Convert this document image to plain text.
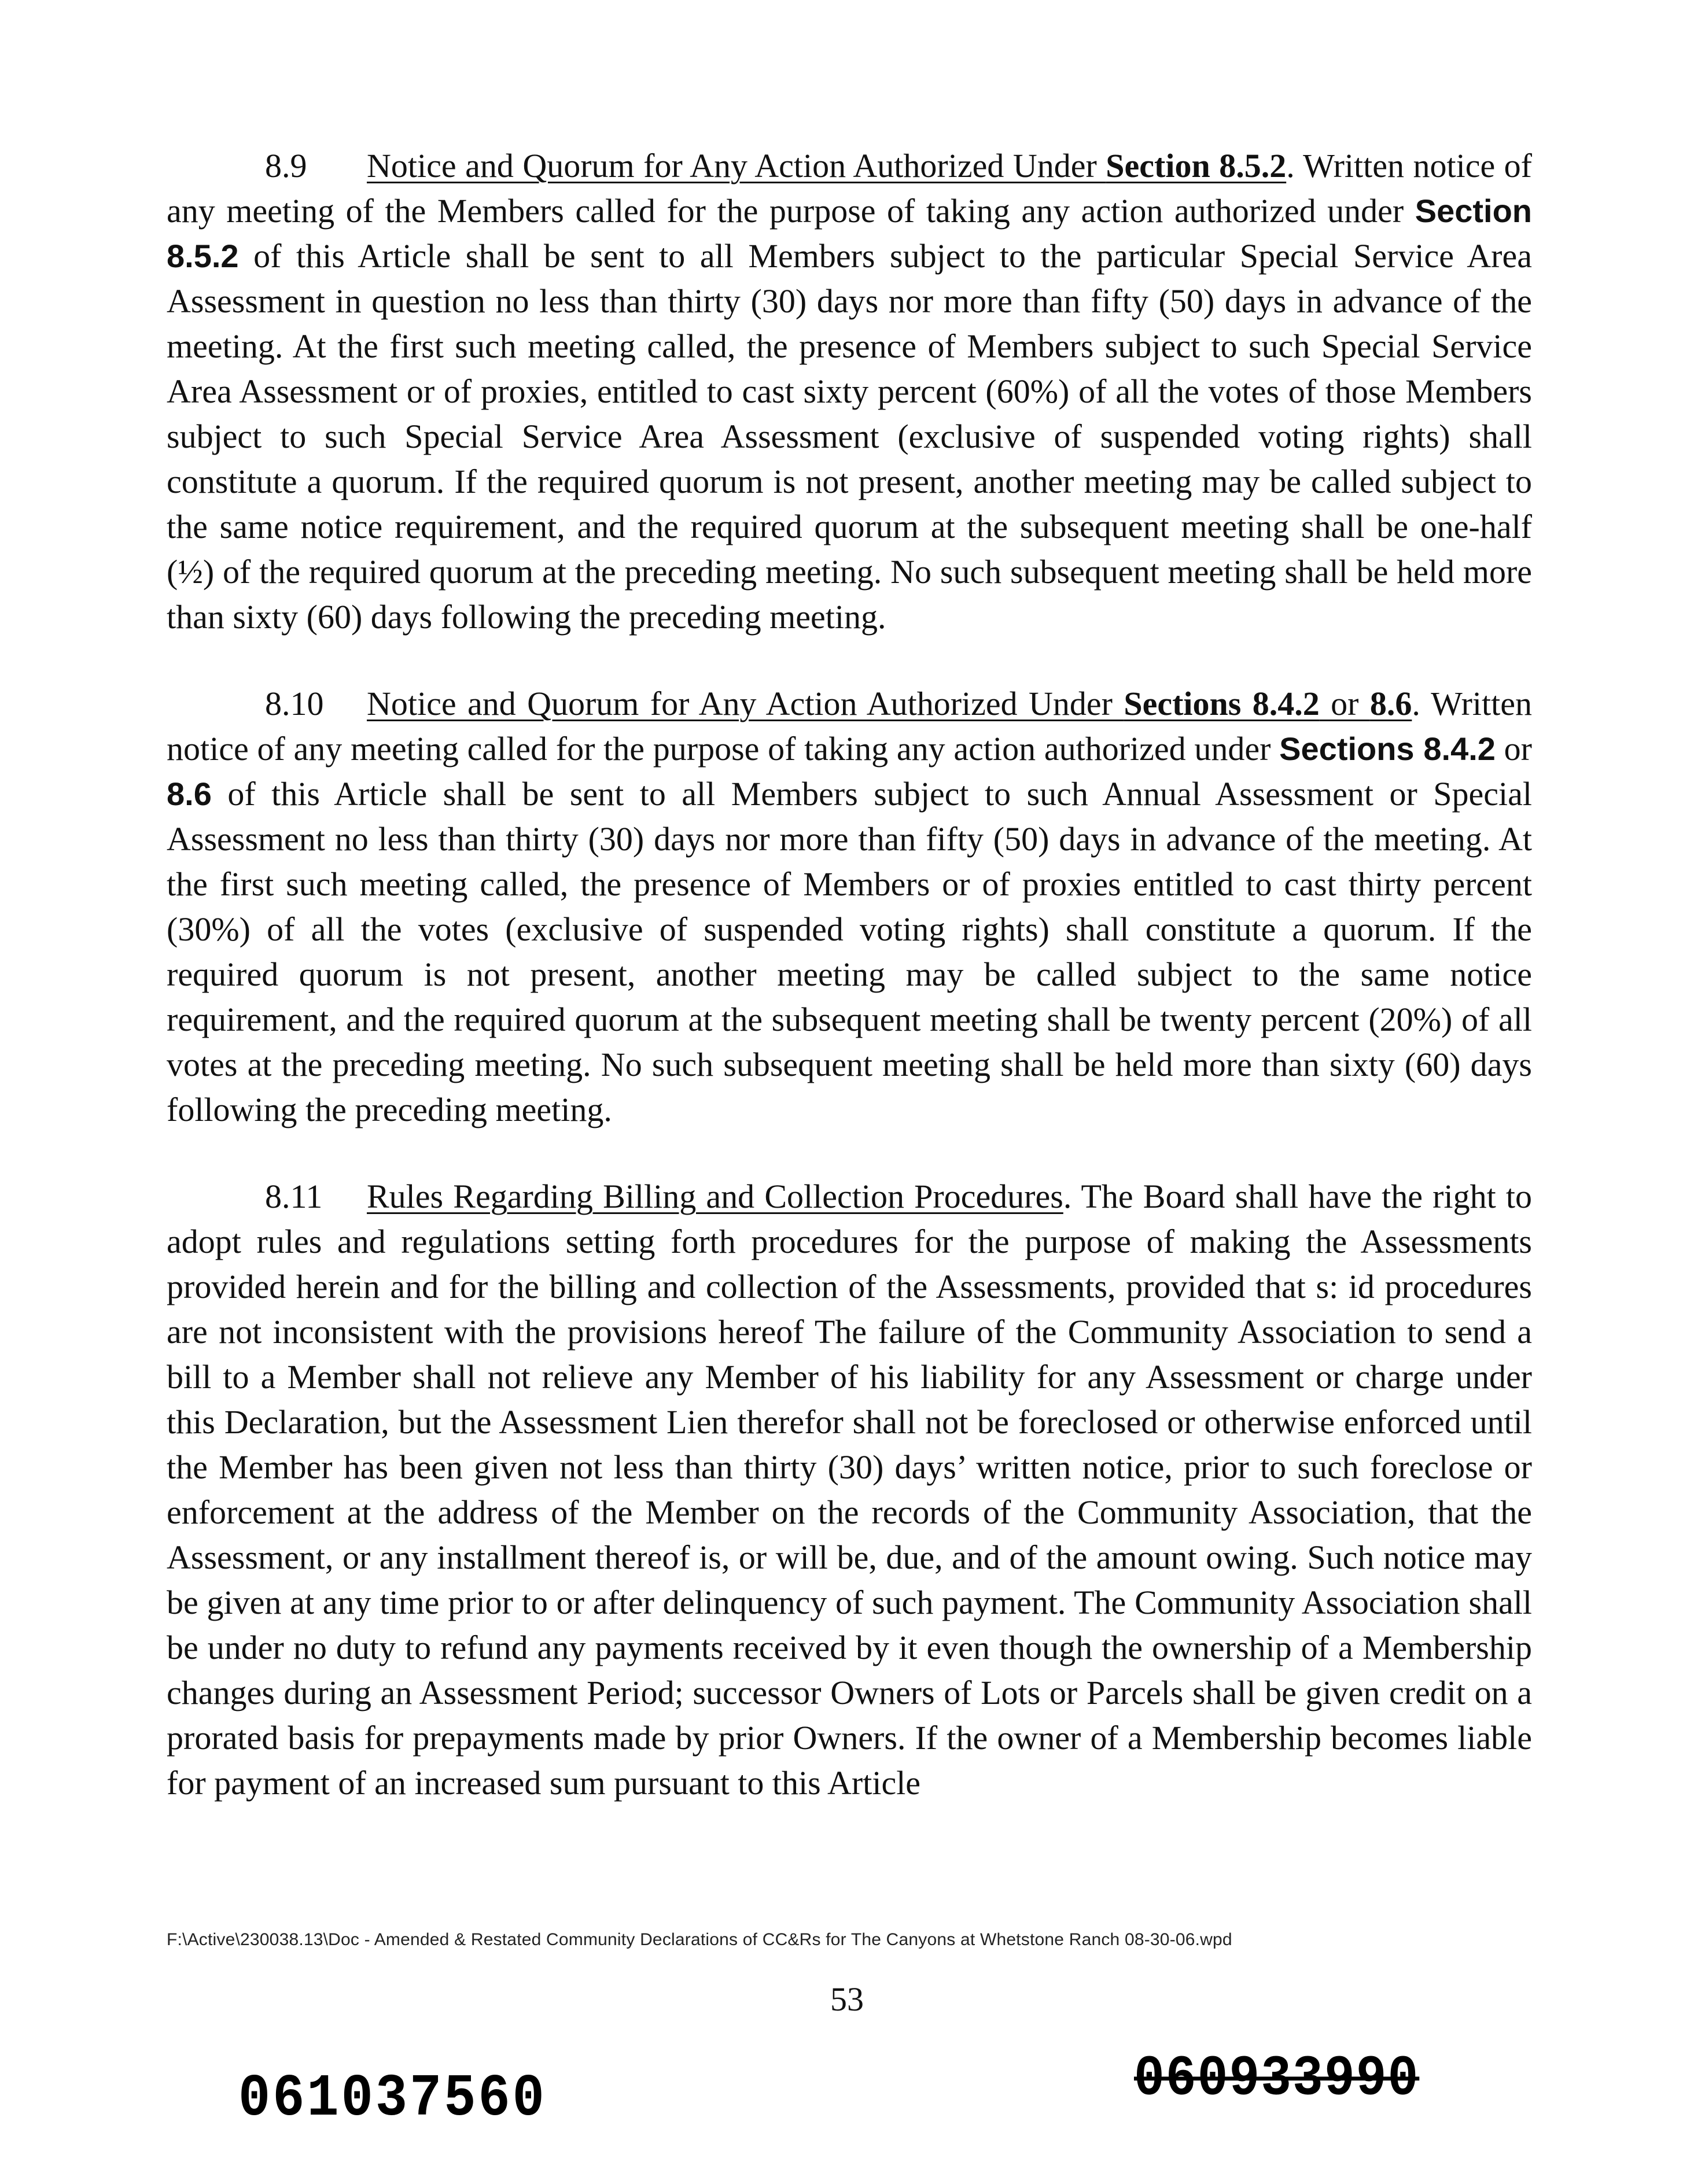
8.9 Notice and Quorum for Any Action Authorized Under Section 8.5.2. Written notice of any meeting of the Members called for the purpose of taking any action authorized under Section 8.5.2 of this Article shall be sent to all Members subject to the particular Special Service Area Assessment in question no less than thirty (30) days nor more than fifty (50) days in advance of the meeting. At the first such meeting called, the presence of Members subject to such Special Service Area Assessment or of proxies, entitled to cast sixty percent (60%) of all the votes of those Members subject to such Special Service Area Assessment (exclusive of suspended voting rights) shall constitute a quorum. If the required quorum is not present, another meeting may be called subject to the same notice requirement, and the required quorum at the subsequent meeting shall be one-half (½) of the required quorum at the preceding meeting. No such subsequent meeting shall be held more than sixty (60) days following the preceding meeting.

8.10 Notice and Quorum for Any Action Authorized Under Sections 8.4.2 or 8.6. Written notice of any meeting called for the purpose of taking any action authorized under Sections 8.4.2 or 8.6 of this Article shall be sent to all Members subject to such Annual Assessment or Special Assessment no less than thirty (30) days nor more than fifty (50) days in advance of the meeting. At the first such meeting called, the presence of Members or of proxies entitled to cast thirty percent (30%) of all the votes (exclusive of suspended voting rights) shall constitute a quorum. If the required quorum is not present, another meeting may be called subject to the same notice requirement, and the required quorum at the subsequent meeting shall be twenty percent (20%) of all votes at the preceding meeting. No such subsequent meeting shall be held more than sixty (60) days following the preceding meeting.

8.11 Rules Regarding Billing and Collection Procedures. The Board shall have the right to adopt rules and regulations setting forth procedures for the purpose of making the Assessments provided herein and for the billing and collection of the Assessments, provided that s: id procedures are not inconsistent with the provisions hereof The failure of the Community Association to send a bill to a Member shall not relieve any Member of his liability for any Assessment or charge under this Declaration, but the Assessment Lien therefor shall not be foreclosed or otherwise enforced until the Member has been given not less than thirty (30) days’ written notice, prior to such foreclose or enforcement at the address of the Member on the records of the Community Association, that the Assessment, or any installment thereof is, or will be, due, and of the amount owing. Such notice may be given at any time prior to or after delinquency of such payment. The Community Association shall be under no duty to refund any payments received by it even though the ownership of a Membership changes during an Assessment Period; successor Owners of Lots or Parcels shall be given credit on a prorated basis for prepayments made by prior Owners. If the owner of a Membership becomes liable for payment of an increased sum pursuant to this Article

F:\Active\230038.13\Doc - Amended & Restated Community Declarations of CC&Rs for The Canyons at Whetstone Ranch 08-30-06.wpd
53
061037560	060933990
